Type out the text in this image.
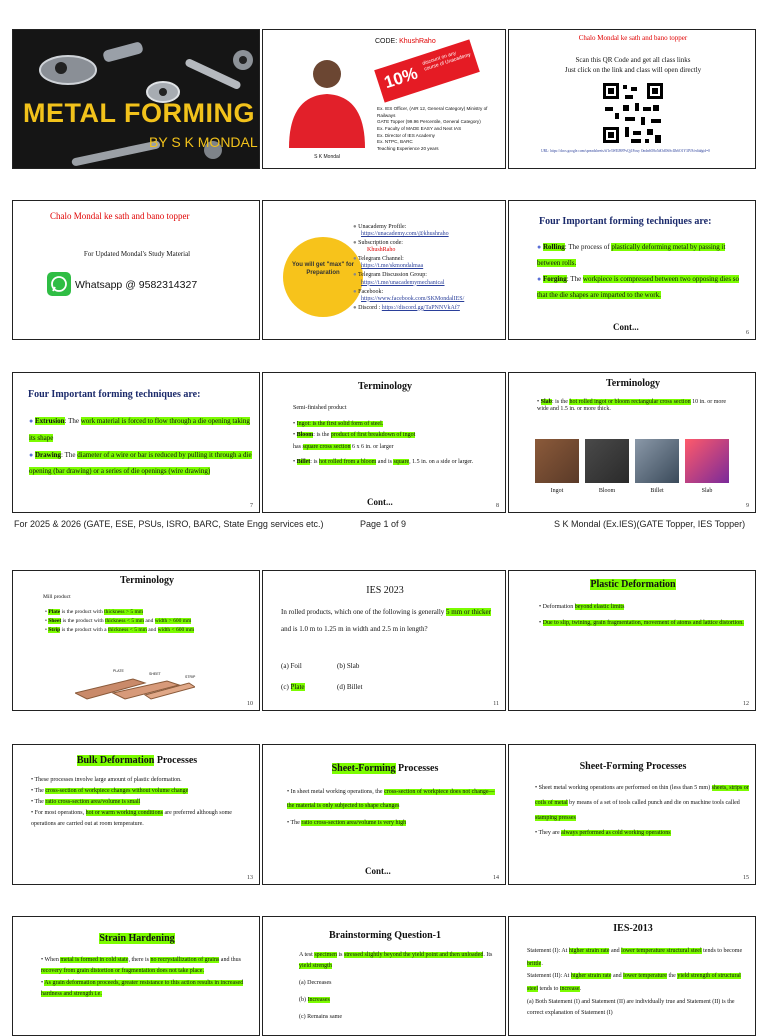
METAL FORMING
BY S K MONDAL
CODE: KhushRaho
10%
discount on any course of Unacademy
S K Mondal
Ex. IES Officer, (AIR 12, General Category) Ministry of Railways
GATE Topper (99.96 Percentile, General Category)
Ex. Faculty of MADE EASY and Next IAS
Ex. Director of IES Academy
Ex. NTPC, BARC
Teaching Experience 20 years
Chalo Mondal ke sath and bano topper
Scan this QR Code and get all class links
Just click on the link and class will open directly
URL: https://docs.google.com/spreadsheets/d/1e3WEJ8FPvQj1Fouy Ondn6O8o5dOdO6ScIJb6O1Y3IV8/edit#gid=0
Chalo Mondal ke sath and bano topper
For Updated Mondal's Study Material
Whatsapp @ 9582314327
You will get "max" for Preparation
● Unacademy Profile:
https://unacademy.com/@khushraho
● Subscription code:
KhushRaho
● Telegram Channel:
https://t.me/skmondalmaa
● Telegram Discussion Group:
https://t.me/unacademymechanical
● Facebook:
https://www.facebook.com/SKMondalIES/
● Discord : https://discord.gg/TaPNNVkAf7
Four Important forming techniques are:
● Rolling: The process of plastically deforming metal by passing it between rolls.
● Forging: The workpiece is compressed between two opposing dies so that the die shapes are imparted to the work.
Cont...
6
Four Important forming techniques are:
● Extrusion: The work material is forced to flow through a die opening taking its shape
● Drawing: The diameter of a wire or bar is reduced by pulling it through a die opening (bar drawing) or a series of die openings (wire drawing)
7
Terminology
Semi-finished product
• Ingot: is the first solid form of steel.
• Bloom: is the product of first breakdown of ingot
has square cross section 6 x 6 in. or larger
• Billet: is hot rolled from a bloom and is square, 1.5 in. on a side or larger.
Cont...	8
Terminology
• Slab: is the hot rolled ingot or bloom rectangular cross section 10 in. or more wide and 1.5 in. or more thick.
Ingot	Bloom	Billet	Slab
9
For 2025 & 2026 (GATE, ESE, PSUs, ISRO, BARC, State Engg services etc.)	Page 1 of 9	S K Mondal (Ex.IES)(GATE Topper, IES Topper)
Terminology
Mill product
• Plate is the product with thickness > 5 mm
• Sheet is the product with thickness < 5 mm and width > 600 mm
• Strip is the product with a thickness < 5 mm and width < 600 mm
PLATE
SHEET
STRIP
10
IES 2023
In rolled products, which one of the following is generally 5 mm or thicker and is 1.0 m to 1.25 m in width and 2.5 m in length?
(a) Foil	(b) Slab
(c) Plate	(d) Billet
11
Plastic Deformation
• Deformation beyond elastic limits
• Due to slip, twining, grain fragmentation, movement of atoms and lattice distortion.
12
Bulk Deformation Processes
• These processes involve large amount of plastic deformation.
• The cross-section of workpiece changes without volume change
• The ratio cross-section area/volume is small
• For most operations, hot or warm working conditions are preferred although some operations are carried out at room temperature.
13
Sheet-Forming Processes
• In sheet metal working operations, the cross-section of workpiece does not change—the material is only subjected to shape changes
• The ratio cross-section area/volume is very high
Cont...
14
Sheet-Forming Processes
• Sheet metal working operations are performed on thin (less than 5 mm) sheets, strips or coils of metal by means of a set of tools called punch and die on machine tools called stamping presses
• They are always performed as cold working operations
15
Strain Hardening
• When metal is formed in cold state, there is no recrystallization of grains and thus recovery from grain distortion or fragmentation does not take place.
• As grain deformation proceeds, greater resistance to this action results in increased hardness and strength i.e.
Brainstorming Question-1
A test specimen is stressed slightly beyond the yield point and then unloaded. Its yield strength
(a) Decreases
(b) Increases
(c) Remains same
IES-2013
Statement (I): At higher strain rate and lower temperature structural steel tends to become brittle.
Statement (II): At higher strain rate and lower temperature the yield strength of structural steel tends to increase.
(a) Both Statement (I) and Statement (II) are individually true and Statement (II) is the correct explanation of Statement (I)
